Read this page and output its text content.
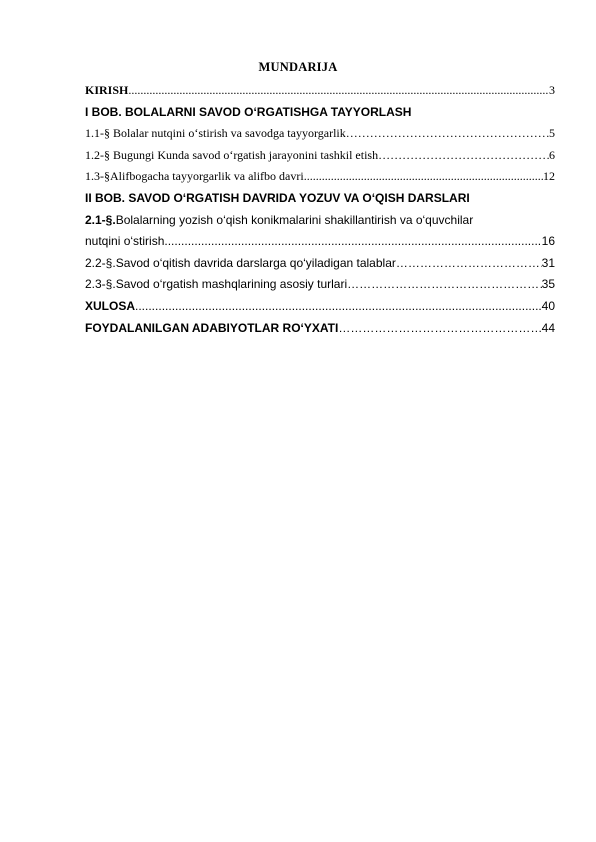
MUNDARIJA
KIRISH .....	3
I BOB. BOLALARNI SAVOD O‘RGATISHGA TAYYORLASH
1.1-§ Bolalar nutqini o‘stirish va savodga tayyorgarlik …………………………………………………………………………………………………………………………………………………………………………………	5
1.2-§ Bugungi Kunda savod o‘rgatish jarayonini tashkil etish …………………………………………………………………………………………………………………………………………………………………………………	6
1.3-§Alifbogacha tayyorgarlik va alifbo davri .....	12
II BOB. SAVOD O‘RGATISH DAVRIDA YOZUV VA O‘QISH DARSLARI
2.1-§.Bolalarning yozish o‘qish konikmalarini shakillantirish va o‘quvchilar
nutqini o‘stirish .....	16
2.2-§.Savod o‘qitish davrida darslarga qo‘yiladigan talablar …………………………………………………………………………………………………………………………………………………………………………………	31
2.3-§.Savod o‘rgatish mashqlarining asosiy turlari …………………………………………………………………………………………………………………………………………………………………………………	35
XULOSA .....	40
FOYDALANILGAN ADABIYOTLAR RO‘YXATI …………………………………………………………………………………………………………………………………………………………………………………	44
